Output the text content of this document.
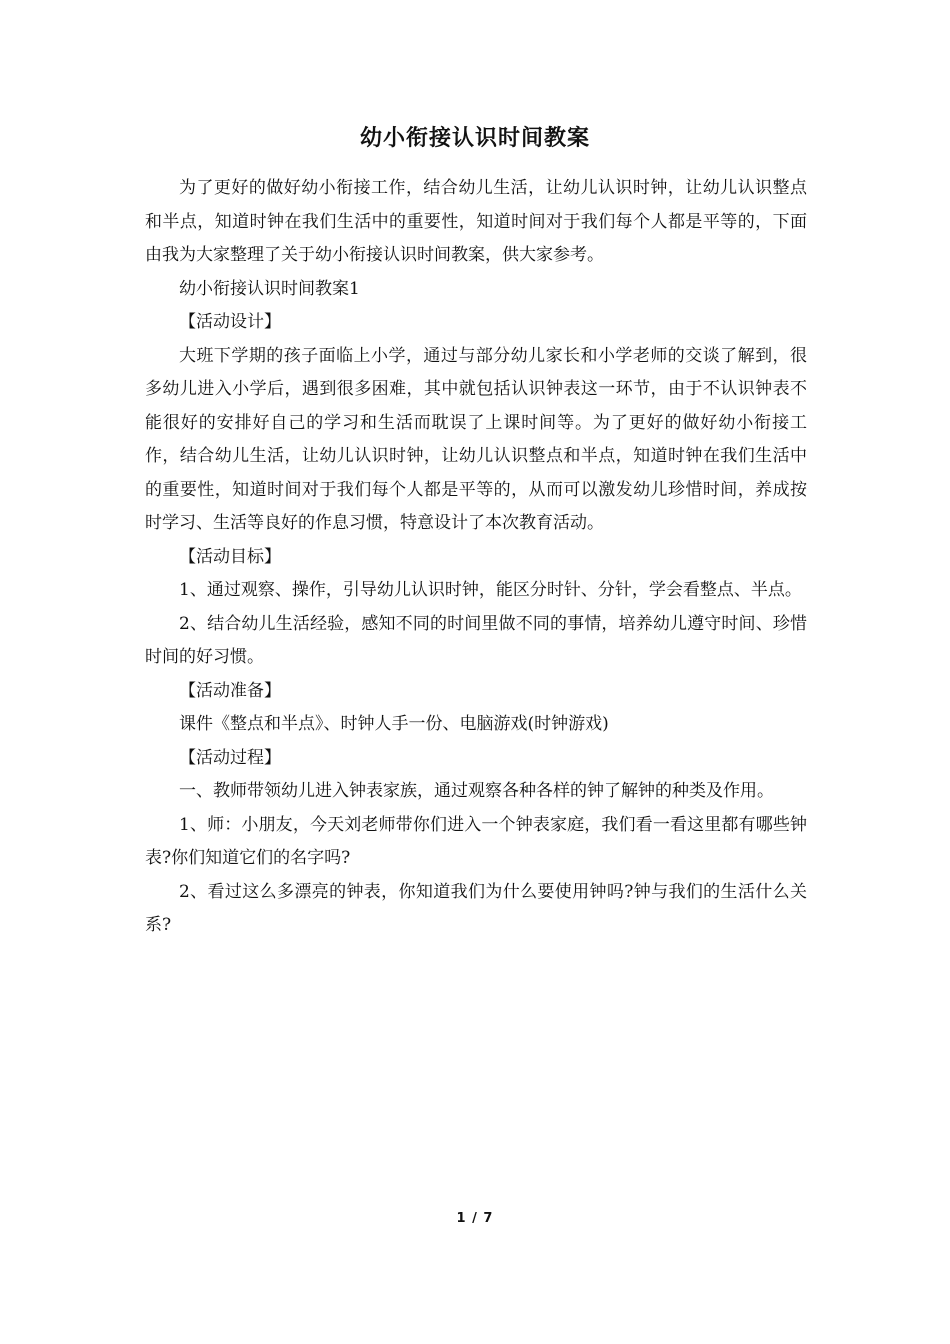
幼小衔接认识时间教案

为了更好的做好幼小衔接工作，结合幼儿生活，让幼儿认识时钟，让幼儿认识整点和半点，知道时钟在我们生活中的重要性，知道时间对于我们每个人都是平等的，下面由我为大家整理了关于幼小衔接认识时间教案，供大家参考。

幼小衔接认识时间教案1

【活动设计】

大班下学期的孩子面临上小学，通过与部分幼儿家长和小学老师的交谈了解到，很多幼儿进入小学后，遇到很多困难，其中就包括认识钟表这一环节，由于不认识钟表不能很好的安排好自己的学习和生活而耽误了上课时间等。为了更好的做好幼小衔接工作，结合幼儿生活，让幼儿认识时钟，让幼儿认识整点和半点，知道时钟在我们生活中的重要性，知道时间对于我们每个人都是平等的，从而可以激发幼儿珍惜时间，养成按时学习、生活等良好的作息习惯，特意设计了本次教育活动。

【活动目标】

1、通过观察、操作，引导幼儿认识时钟，能区分时针、分针，学会看整点、半点。

2、结合幼儿生活经验，感知不同的时间里做不同的事情，培养幼儿遵守时间、珍惜时间的好习惯。

【活动准备】

课件《整点和半点》、时钟人手一份、电脑游戏(时钟游戏)

【活动过程】

一、教师带领幼儿进入钟表家族，通过观察各种各样的钟了解钟的种类及作用。

1、师：小朋友，今天刘老师带你们进入一个钟表家庭，我们看一看这里都有哪些钟表?你们知道它们的名字吗?

2、看过这么多漂亮的钟表，你知道我们为什么要使用钟吗?钟与我们的生活什么关系?

1 / 7
